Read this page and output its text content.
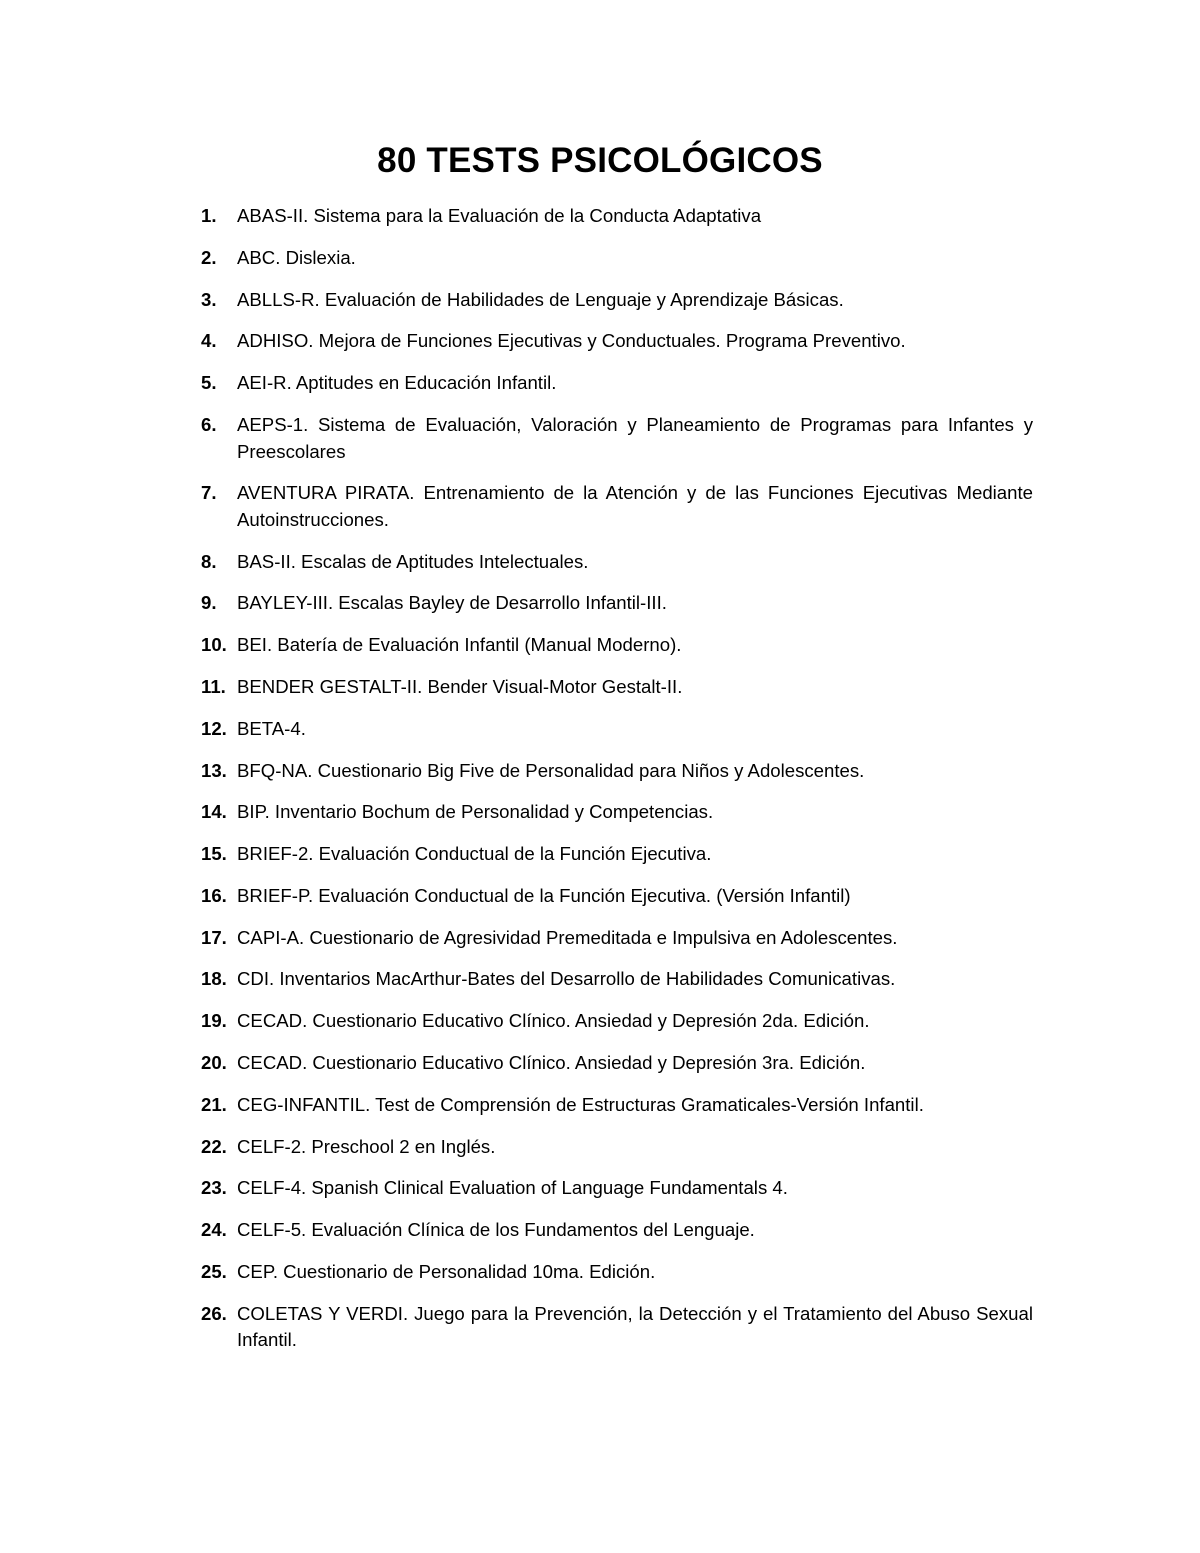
80 TESTS PSICOLÓGICOS
1. ABAS-II. Sistema para la Evaluación de la Conducta Adaptativa
2. ABC. Dislexia.
3. ABLLS-R. Evaluación de Habilidades de Lenguaje y Aprendizaje Básicas.
4. ADHISO. Mejora de Funciones Ejecutivas y Conductuales. Programa Preventivo.
5. AEI-R. Aptitudes en Educación Infantil.
6. AEPS-1. Sistema de Evaluación, Valoración y Planeamiento de Programas para Infantes y Preescolares
7. AVENTURA PIRATA. Entrenamiento de la Atención y de las Funciones Ejecutivas Mediante Autoinstrucciones.
8. BAS-II. Escalas de Aptitudes Intelectuales.
9. BAYLEY-III. Escalas Bayley de Desarrollo Infantil-III.
10. BEI. Batería de Evaluación Infantil (Manual Moderno).
11. BENDER GESTALT-II. Bender Visual-Motor Gestalt-II.
12. BETA-4.
13. BFQ-NA. Cuestionario Big Five de Personalidad para Niños y Adolescentes.
14. BIP. Inventario Bochum de Personalidad y Competencias.
15. BRIEF-2. Evaluación Conductual de la Función Ejecutiva.
16. BRIEF-P. Evaluación Conductual de la Función Ejecutiva. (Versión Infantil)
17. CAPI-A. Cuestionario de Agresividad Premeditada e Impulsiva en Adolescentes.
18. CDI. Inventarios MacArthur-Bates del Desarrollo de Habilidades Comunicativas.
19. CECAD. Cuestionario Educativo Clínico. Ansiedad y Depresión 2da. Edición.
20. CECAD. Cuestionario Educativo Clínico. Ansiedad y Depresión 3ra. Edición.
21. CEG-INFANTIL. Test de Comprensión de Estructuras Gramaticales-Versión Infantil.
22. CELF-2. Preschool 2 en Inglés.
23. CELF-4. Spanish Clinical Evaluation of Language Fundamentals 4.
24. CELF-5. Evaluación Clínica de los Fundamentos del Lenguaje.
25. CEP. Cuestionario de Personalidad 10ma. Edición.
26. COLETAS Y VERDI. Juego para la Prevención, la Detección y el Tratamiento del Abuso Sexual Infantil.
